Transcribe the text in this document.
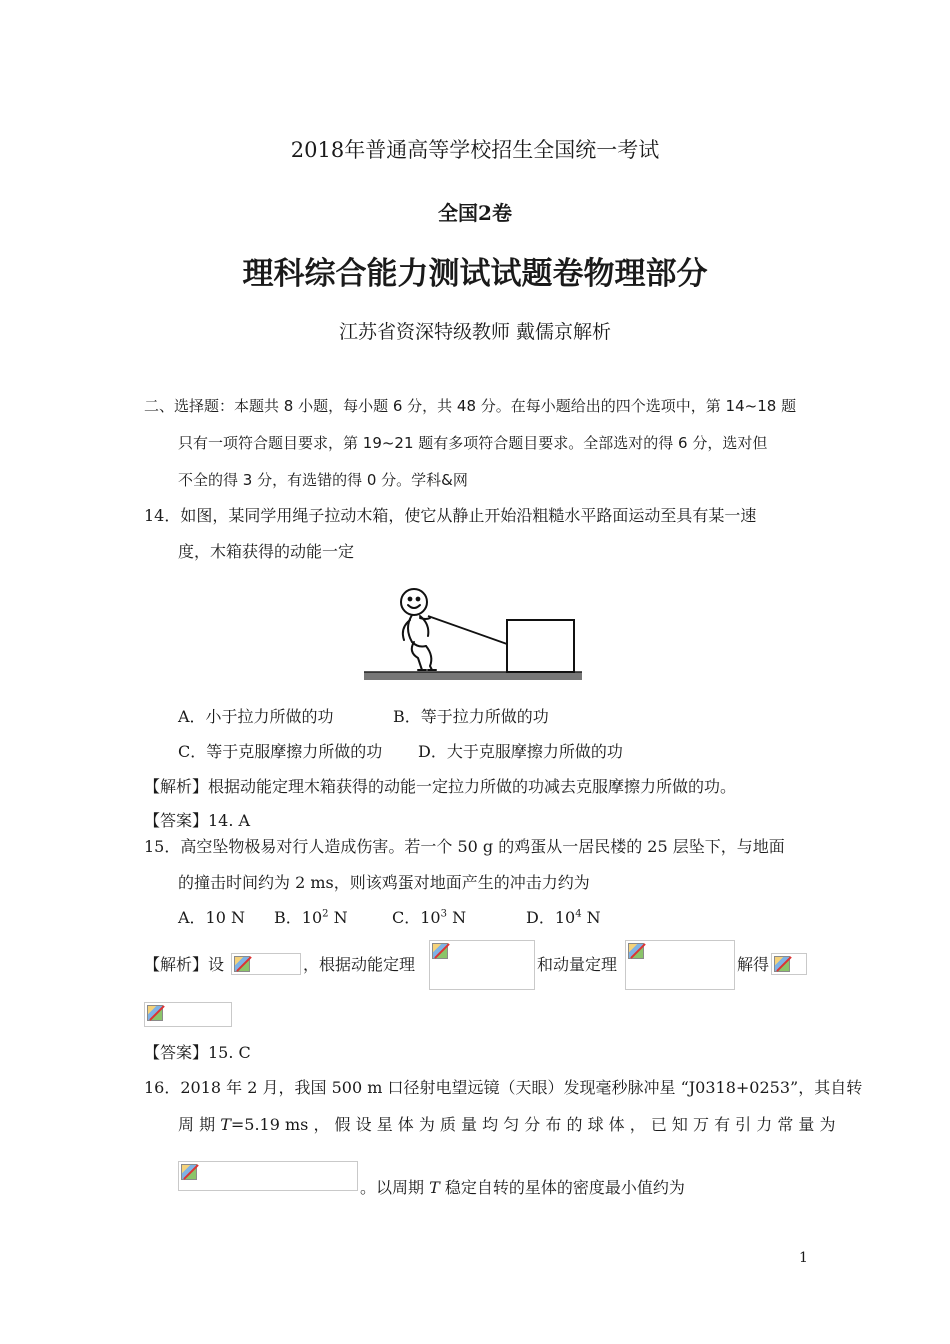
2018年普通高等学校招生全国统一考试
全国2卷
理科综合能力测试试题卷物理部分
江苏省资深特级教师 戴儒京解析
二、选择题：本题共 8 小题，每小题 6 分，共 48 分。在每小题给出的四个选项中，第 14~18 题
只有一项符合题目要求，第 19~21 题有多项符合题目要求。全部选对的得 6 分，选对但
不全的得 3 分，有选错的得 0 分。学科&网
14．如图，某同学用绳子拉动木箱，使它从静止开始沿粗糙水平路面运动至具有某一速
度，木箱获得的动能一定
A．小于拉力所做的功	B．等于拉力所做的功
C．等于克服摩擦力所做的功 D．大于克服摩擦力所做的功
【解析】根据动能定理木箱获得的动能一定拉力所做的功减去克服摩擦力所做的功。
【答案】14. A
15．高空坠物极易对行人造成伤害。若一个 50 g 的鸡蛋从一居民楼的 25 层坠下，与地面
的撞击时间约为 2 ms，则该鸡蛋对地面产生的冲击力约为
A．10 N B．$10^2$ N	C．$10^3$ N	D．$10^4$ N
【解析】设	，根据动能定理	和动量定理	解得
【答案】15. C
16．2018 年 2 月，我国 500 m 口径射电望远镜（天眼）发现毫秒脉冲星 “J0318+0253”，其自转
周 期 T=5.19 ms ， 假 设 星 体 为 质 量 均 匀 分 布 的 球 体 ， 已 知 万 有 引 力 常 量 为
。以周期 T 稳定自转的星体的密度最小值约为
1
